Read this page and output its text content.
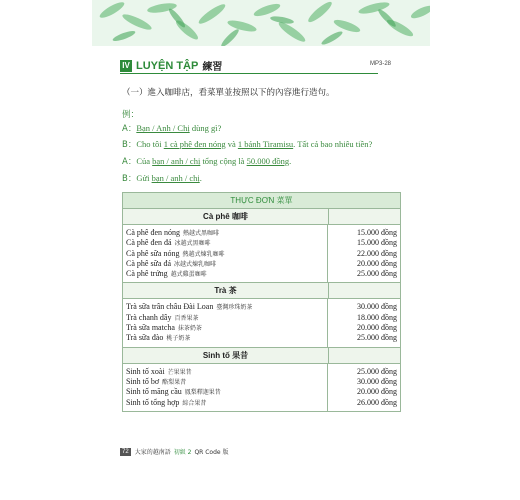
IV LUYỆN TẬP 練習	MP3-28
（一）進入咖啡店，看菜單並按照以下的內容進行造句。
例：
A：Bạn / Anh / Chị dùng gì?
B：Cho tôi 1 cà phê đen nóng và 1 bánh Tiramisu. Tất cả bao nhiêu tiền?
A：Của bạn / anh / chị tổng cộng là 50.000 đồng.
B：Gửi bạn / anh / chị.
THỰC ĐƠN 菜單
Cà phê 咖啡
Cà phê đen nóng 熱越式黑咖啡
Cà phê đen đá 冰越式黑咖啡
Cà phê sữa nóng 熱越式煉乳咖啡
Cà phê sữa đá 冰越式煉乳咖啡
Cà phê trứng 越式雞蛋咖啡
15.000 đồng
15.000 đồng
22.000 đồng
20.000 đồng
25.000 đồng
Trà 茶
Trà sữa trân châu Đài Loan 臺灣珍珠奶茶
Trà chanh dây 百香果茶
Trà sữa matcha 抹茶奶茶
Trà sữa đào 桃子奶茶
30.000 đồng
18.000 đồng
20.000 đồng
25.000 đồng
Sinh tố 果昔
Sinh tố xoài 芒果果昔
Sinh tố bơ 酪梨果昔
Sinh tố mãng cầu 鳳梨釋迦果昔
Sinh tố tổng hợp 綜合果昔
25.000 đồng
30.000 đồng
20.000 đồng
26.000 đồng
72	大家的越南語 初級 2 QR Code 版
